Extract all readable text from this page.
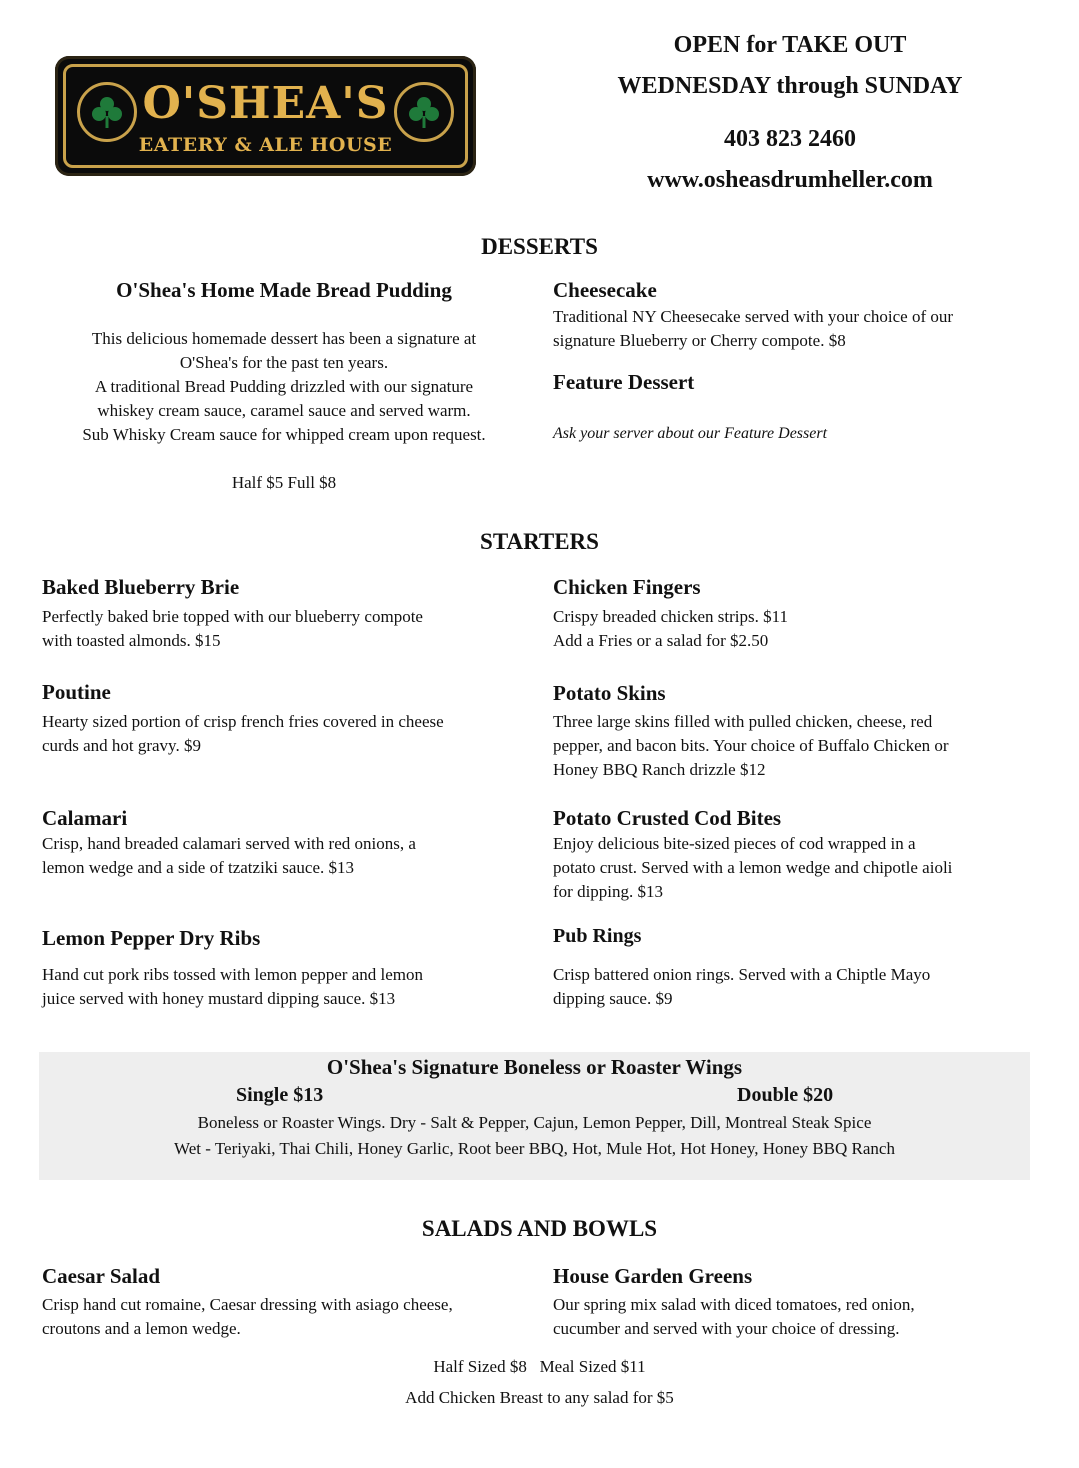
O'SHEA'S
EATERY & ALE HOUSE
OPEN for TAKE OUT
WEDNESDAY through SUNDAY
403 823 2460
www.osheasdrumheller.com
DESSERTS
O'Shea's Home Made Bread Pudding
This delicious homemade dessert has been a signature at
O'Shea's for the past ten years.
A traditional Bread Pudding drizzled with our signature
whiskey cream sauce, caramel sauce and served warm.
Sub Whisky Cream sauce for whipped cream upon request.
Half $5 Full $8
Cheesecake
Traditional NY Cheesecake served with your choice of our
signature Blueberry or Cherry compote. $8
Feature Dessert
Ask your server about our Feature Dessert
STARTERS
Baked Blueberry Brie
Perfectly baked brie topped with our blueberry compote
with toasted almonds. $15
Chicken Fingers
Crispy breaded chicken strips. $11
Add a Fries or a salad for $2.50
Poutine
Hearty sized portion of crisp french fries covered in cheese
curds and hot gravy. $9
Potato Skins
Three large skins filled with pulled chicken, cheese, red
pepper, and bacon bits. Your choice of Buffalo Chicken or
Honey BBQ Ranch drizzle $12
Calamari
Crisp, hand breaded calamari served with red onions, a
lemon wedge and a side of tzatziki sauce. $13
Potato Crusted Cod Bites
Enjoy delicious bite-sized pieces of cod wrapped in a
potato crust. Served with a lemon wedge and chipotle aioli
for dipping. $13
Lemon Pepper Dry Ribs
Hand cut pork ribs tossed with lemon pepper and lemon
juice served with honey mustard dipping sauce. $13
Pub Rings
Crisp battered onion rings. Served with a Chiptle Mayo
dipping sauce. $9
O'Shea's Signature Boneless or Roaster Wings
Single $13	Double $20
Boneless or Roaster Wings. Dry - Salt & Pepper, Cajun, Lemon Pepper, Dill, Montreal Steak Spice
Wet - Teriyaki, Thai Chili, Honey Garlic, Root beer BBQ, Hot, Mule Hot, Hot Honey, Honey BBQ Ranch
SALADS AND BOWLS
Caesar Salad
Crisp hand cut romaine, Caesar dressing with asiago cheese,
croutons and a lemon wedge.
House Garden Greens
Our spring mix salad with diced tomatoes, red onion,
cucumber and served with your choice of dressing.
Half Sized $8   Meal Sized $11
Add Chicken Breast to any salad for $5
